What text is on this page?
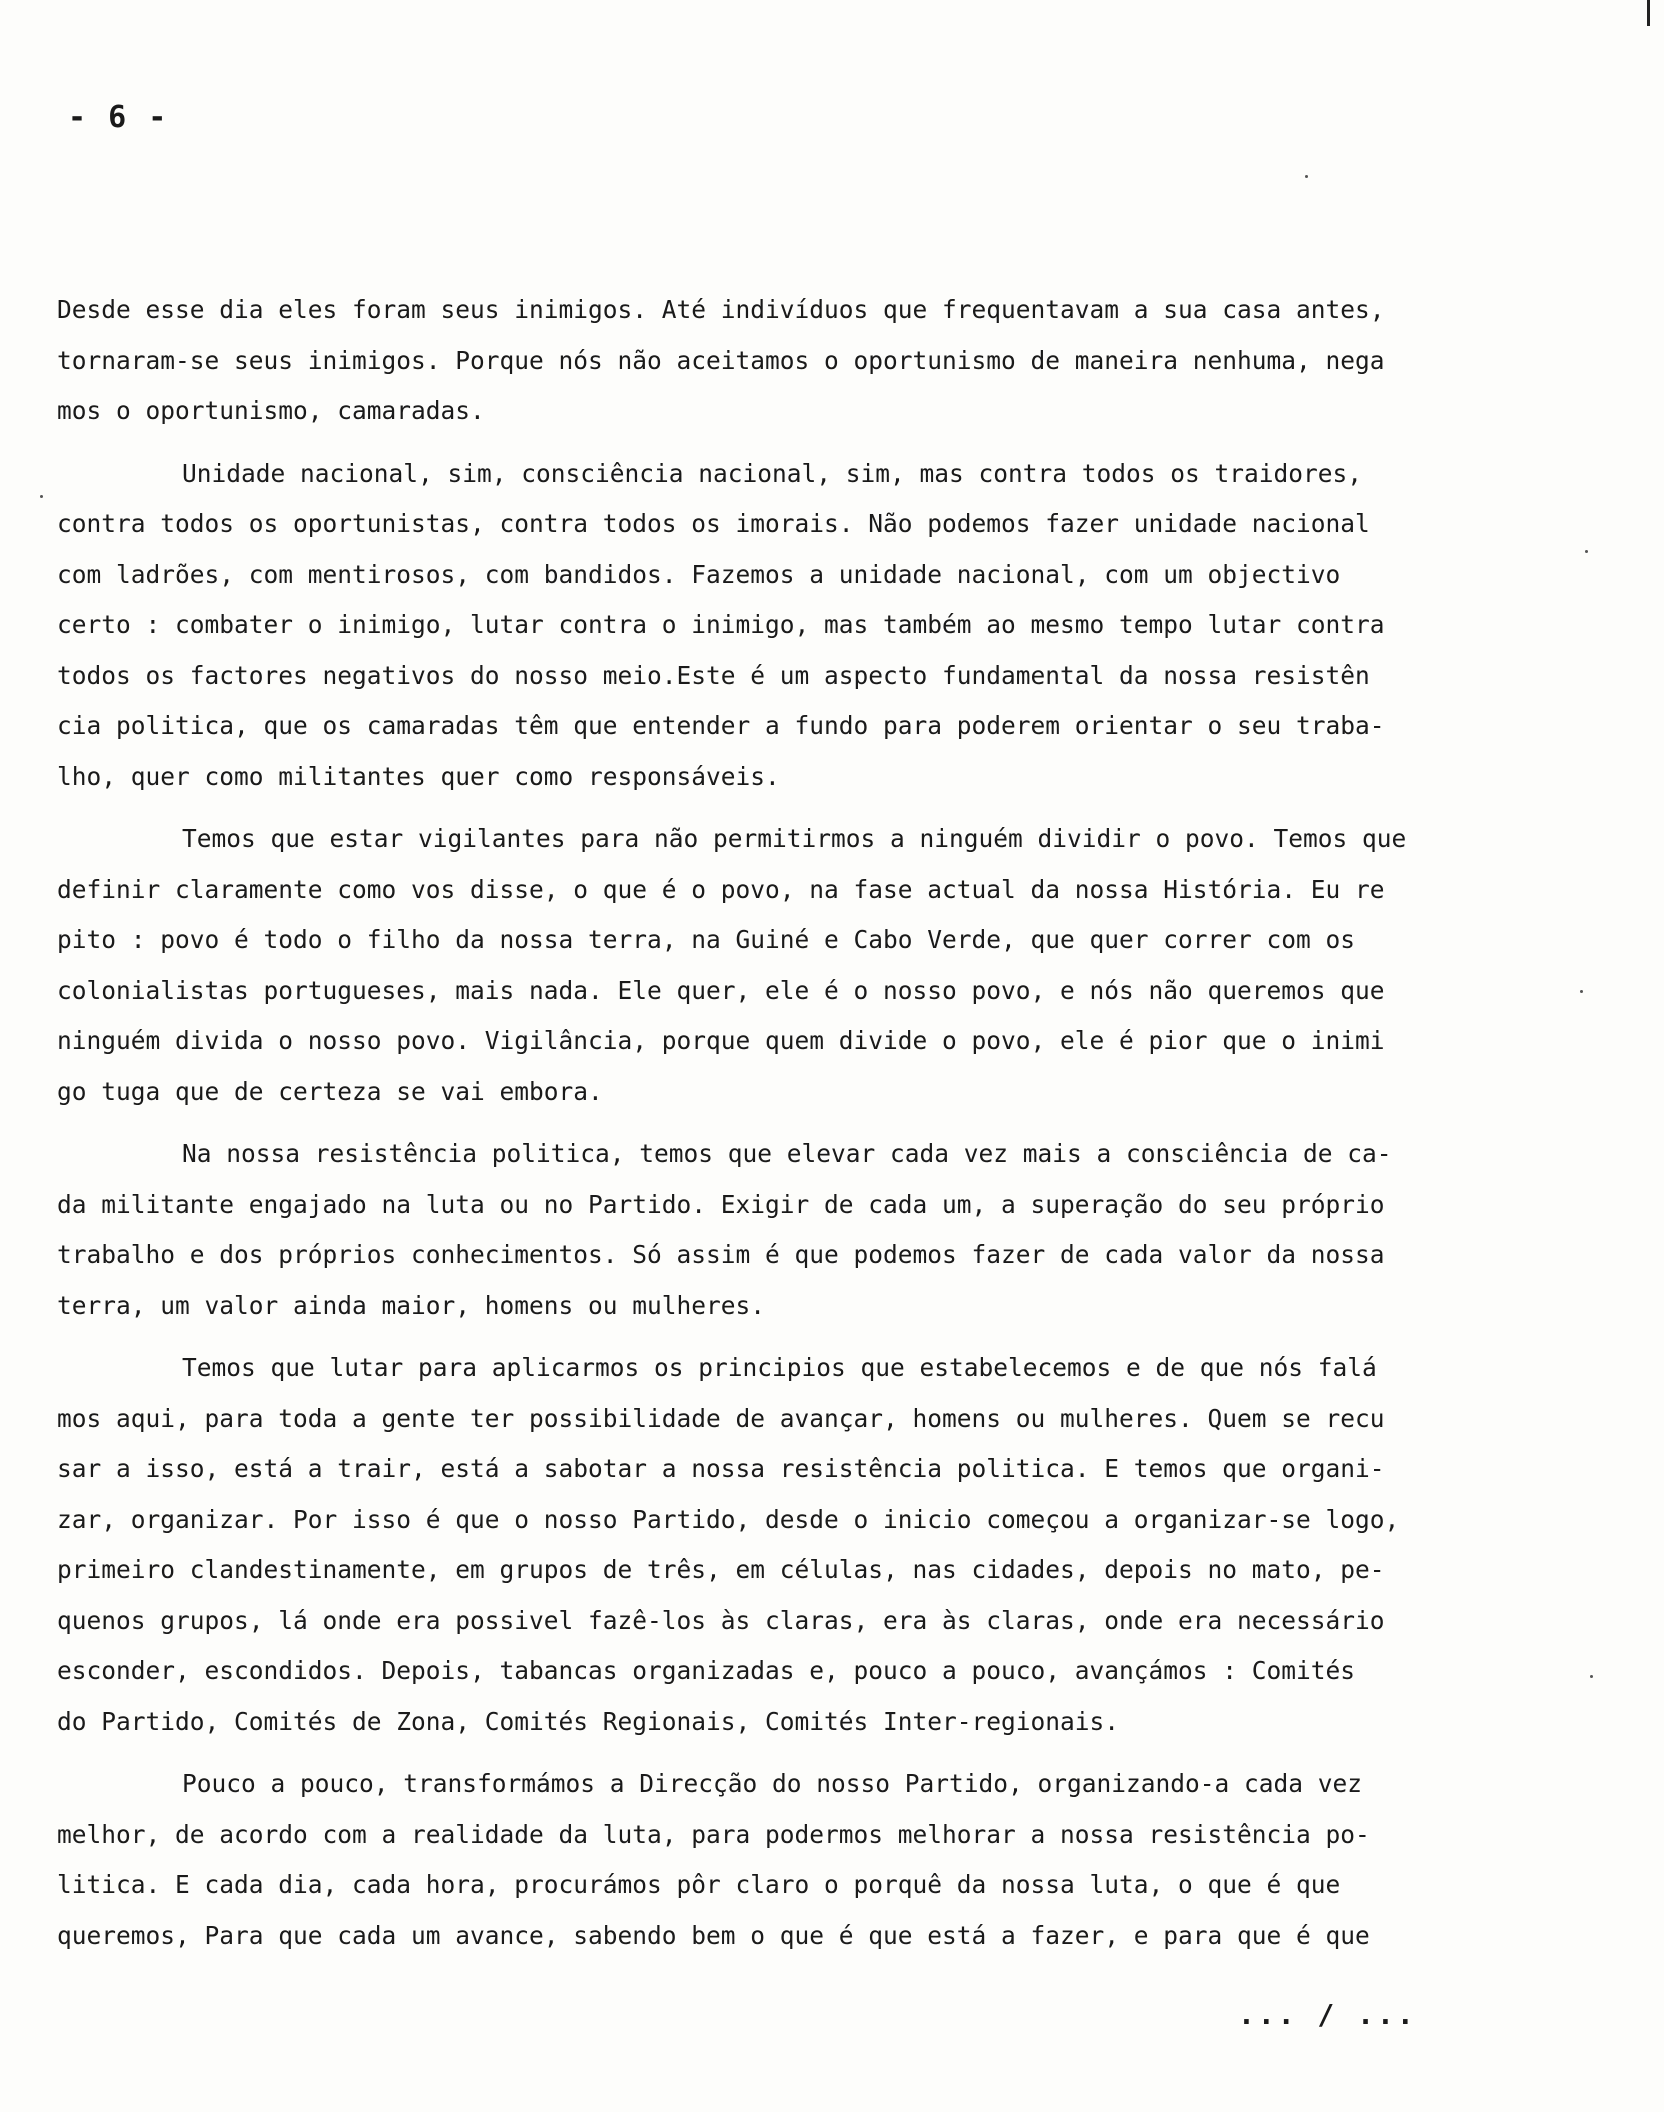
- 6 -
Desde esse dia eles foram seus inimigos. Até indivíduos que frequentavam a sua casa antes,
tornaram-se seus inimigos. Porque nós não aceitamos o oportunismo de maneira nenhuma, nega
mos o oportunismo, camaradas.
Unidade nacional, sim, consciência nacional, sim, mas contra todos os traidores,
contra todos os oportunistas, contra todos os imorais. Não podemos fazer unidade nacional
com ladrões, com mentirosos, com bandidos. Fazemos a unidade nacional, com um objectivo
certo : combater o inimigo, lutar contra o inimigo, mas também ao mesmo tempo lutar contra
todos os factores negativos do nosso meio.Este é um aspecto fundamental da nossa resistên
cia politica, que os camaradas têm que entender a fundo para poderem orientar o seu traba-
lho, quer como militantes quer como responsáveis.
Temos que estar vigilantes para não permitirmos a ninguém dividir o povo. Temos que
definir claramente como vos disse, o que é o povo, na fase actual da nossa História. Eu re
pito : povo é todo o filho da nossa terra, na Guiné e Cabo Verde, que quer correr com os
colonialistas portugueses, mais nada. Ele quer, ele é o nosso povo, e nós não queremos que
ninguém divida o nosso povo. Vigilância, porque quem divide o povo, ele é pior que o inimi
go tuga que de certeza se vai embora.
Na nossa resistência politica, temos que elevar cada vez mais a consciência de ca-
da militante engajado na luta ou no Partido. Exigir de cada um, a superação do seu próprio
trabalho e dos próprios conhecimentos. Só assim é que podemos fazer de cada valor da nossa
terra, um valor ainda maior, homens ou mulheres.
Temos que lutar para aplicarmos os principios que estabelecemos e de que nós falá
mos aqui, para toda a gente ter possibilidade de avançar, homens ou mulheres. Quem se recu
sar a isso, está a trair, está a sabotar a nossa resistência politica. E temos que organi-
zar, organizar. Por isso é que o nosso Partido, desde o inicio começou a organizar-se logo,
primeiro clandestinamente, em grupos de três, em células, nas cidades, depois no mato, pe-
quenos grupos, lá onde era possivel fazê-los às claras, era às claras, onde era necessário
esconder, escondidos. Depois, tabancas organizadas e, pouco a pouco, avançámos : Comités
do Partido, Comités de Zona, Comités Regionais, Comités Inter-regionais.
Pouco a pouco, transformámos a Direcção do nosso Partido, organizando-a cada vez
melhor, de acordo com a realidade da luta, para podermos melhorar a nossa resistência po-
litica. E cada dia, cada hora, procurámos pôr claro o porquê da nossa luta, o que é que
queremos, Para que cada um avance, sabendo bem o que é que está a fazer, e para que é que
... / ...
